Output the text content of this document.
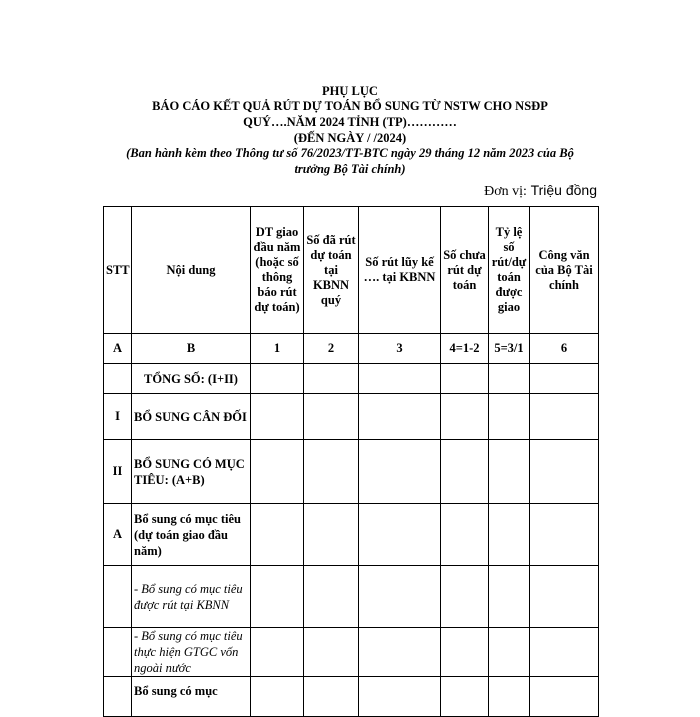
PHỤ LỤC
BÁO CÁO KẾT QUẢ RÚT DỰ TOÁN BỔ SUNG TỪ NSTW CHO NSĐP
QUÝ….NĂM 2024 TỈNH (TP)…………
(ĐẾN NGÀY / /2024)
(Ban hành kèm theo Thông tư số 76/2023/TT-BTC ngày 29 tháng 12 năm 2023 của Bộ
trưởng Bộ Tài chính)
Đơn vị: Triệu đồng
STT	Nội dung	DT giao đầu năm (hoặc số thông báo rút dự toán)	Số đã rút dự toán tại KBNN quý	Số rút lũy kế …. tại KBNN	Số chưa rút dự toán	Tỷ lệ số rút/dự toán được giao	Công văn của Bộ Tài chính
A	B	1	2	3	4=1-2	5=3/1	6
	TỔNG SỐ: (I+II)						
I	BỔ SUNG CÂN ĐỐI						
II	BỔ SUNG CÓ MỤC TIÊU: (A+B)						
A	Bổ sung có mục tiêu (dự toán giao đầu năm)						
	- Bổ sung có mục tiêu được rút tại KBNN						
	- Bổ sung có mục tiêu thực hiện GTGC vốn ngoài nước						
	Bổ sung có mục						
